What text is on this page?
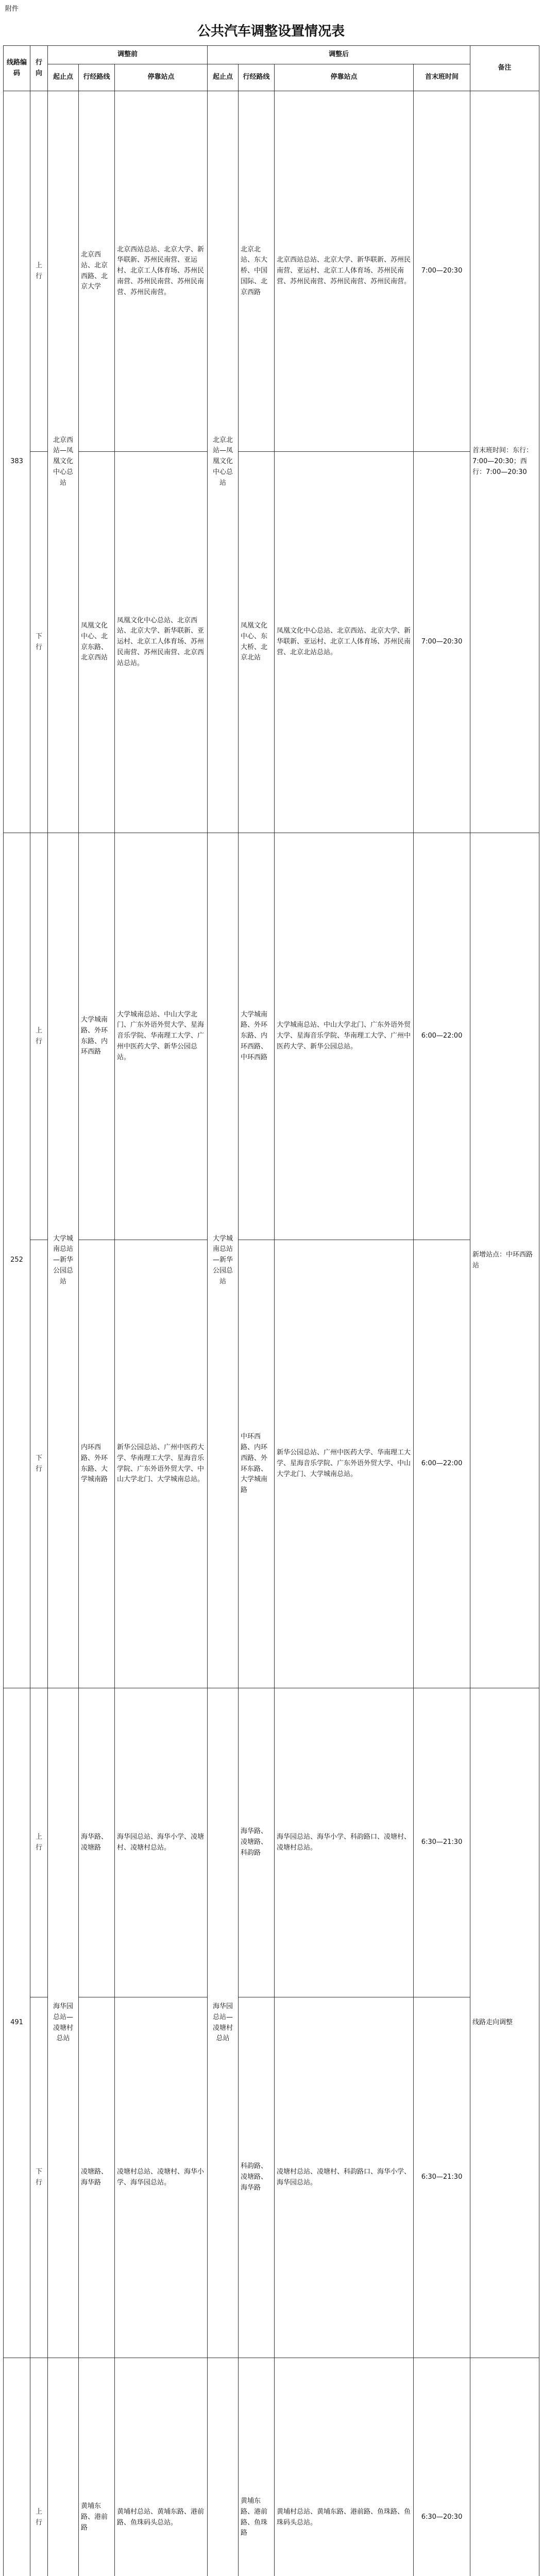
附件
公共汽车调整设置情况表
线路编码	行向	调整前			调整后				备注
		起止点	行经路线	停靠站点	起止点	行经路线	停靠站点	首末班时间	
383	上行	北京西站—凤凰文化中心总站	北京西站、北京西路、北京大学	北京西站总站、北京大学、新华联新、苏州民南营、亚运村、北京工人体育场、苏州民南营、苏州民南营、苏州民南营、苏州民南营。	北京北站—凤凰文化中心总站	北京北站、东大桥、中国国际、北京西路	北京西站总站、北京大学、新华联新、苏州民南营、亚运村、北京工人体育场、苏州民南营、苏州民南营、苏州民南营、苏州民南营。	7:00—20:30	首末班时间：东行：7:00—20:30；西行：7:00—20:30
	下行		凤凰文化中心、北京东路、北京西站	凤凰文化中心总站、北京西站、北京大学、新华联新、亚运村、北京工人体育场、苏州民南营、苏州民南营、北京西站总站。		凤凰文化中心、东大桥、北京北站	凤凰文化中心总站、北京西站、北京大学、新华联新、亚运村、北京工人体育场、苏州民南营、北京北站总站。	7:00—20:30	
252	上行	大学城南总站—新华公园总站	大学城南路、外环东路、内环西路	大学城南总站、中山大学北门、广东外语外贸大学、星海音乐学院、华南理工大学、广州中医药大学、新华公园总站。	大学城南总站—新华公园总站	大学城南路、外环东路、内环西路、中环西路	大学城南总站、中山大学北门、广东外语外贸大学、星海音乐学院、华南理工大学、广州中医药大学、新华公园总站。	6:00—22:00	新增站点：中环西路站
	下行		内环西路、外环东路、大学城南路	新华公园总站、广州中医药大学、华南理工大学、星海音乐学院、广东外语外贸大学、中山大学北门、大学城南总站。		中环西路、内环西路、外环东路、大学城南路	新华公园总站、广州中医药大学、华南理工大学、星海音乐学院、广东外语外贸大学、中山大学北门、大学城南总站。	6:00—22:00	
491	上行	海华园总站—凌塘村总站	海华路、凌塘路	海华园总站、海华小学、凌塘村、凌塘村总站。	海华园总站—凌塘村总站	海华路、凌塘路、科韵路	海华园总站、海华小学、科韵路口、凌塘村、凌塘村总站。	6:30—21:30	线路走向调整
	下行		凌塘路、海华路	凌塘村总站、凌塘村、海华小学、海华园总站。		科韵路、凌塘路、海华路	凌塘村总站、凌塘村、科韵路口、海华小学、海华园总站。	6:30—21:30	
	上行		黄埔东路、港前路	黄埔村总站、黄埔东路、港前路、鱼珠码头总站。		黄埔东路、港前路、鱼珠路	黄埔村总站、黄埔东路、港前路、鱼珠路、鱼珠码头总站。	6:30—20:30	
